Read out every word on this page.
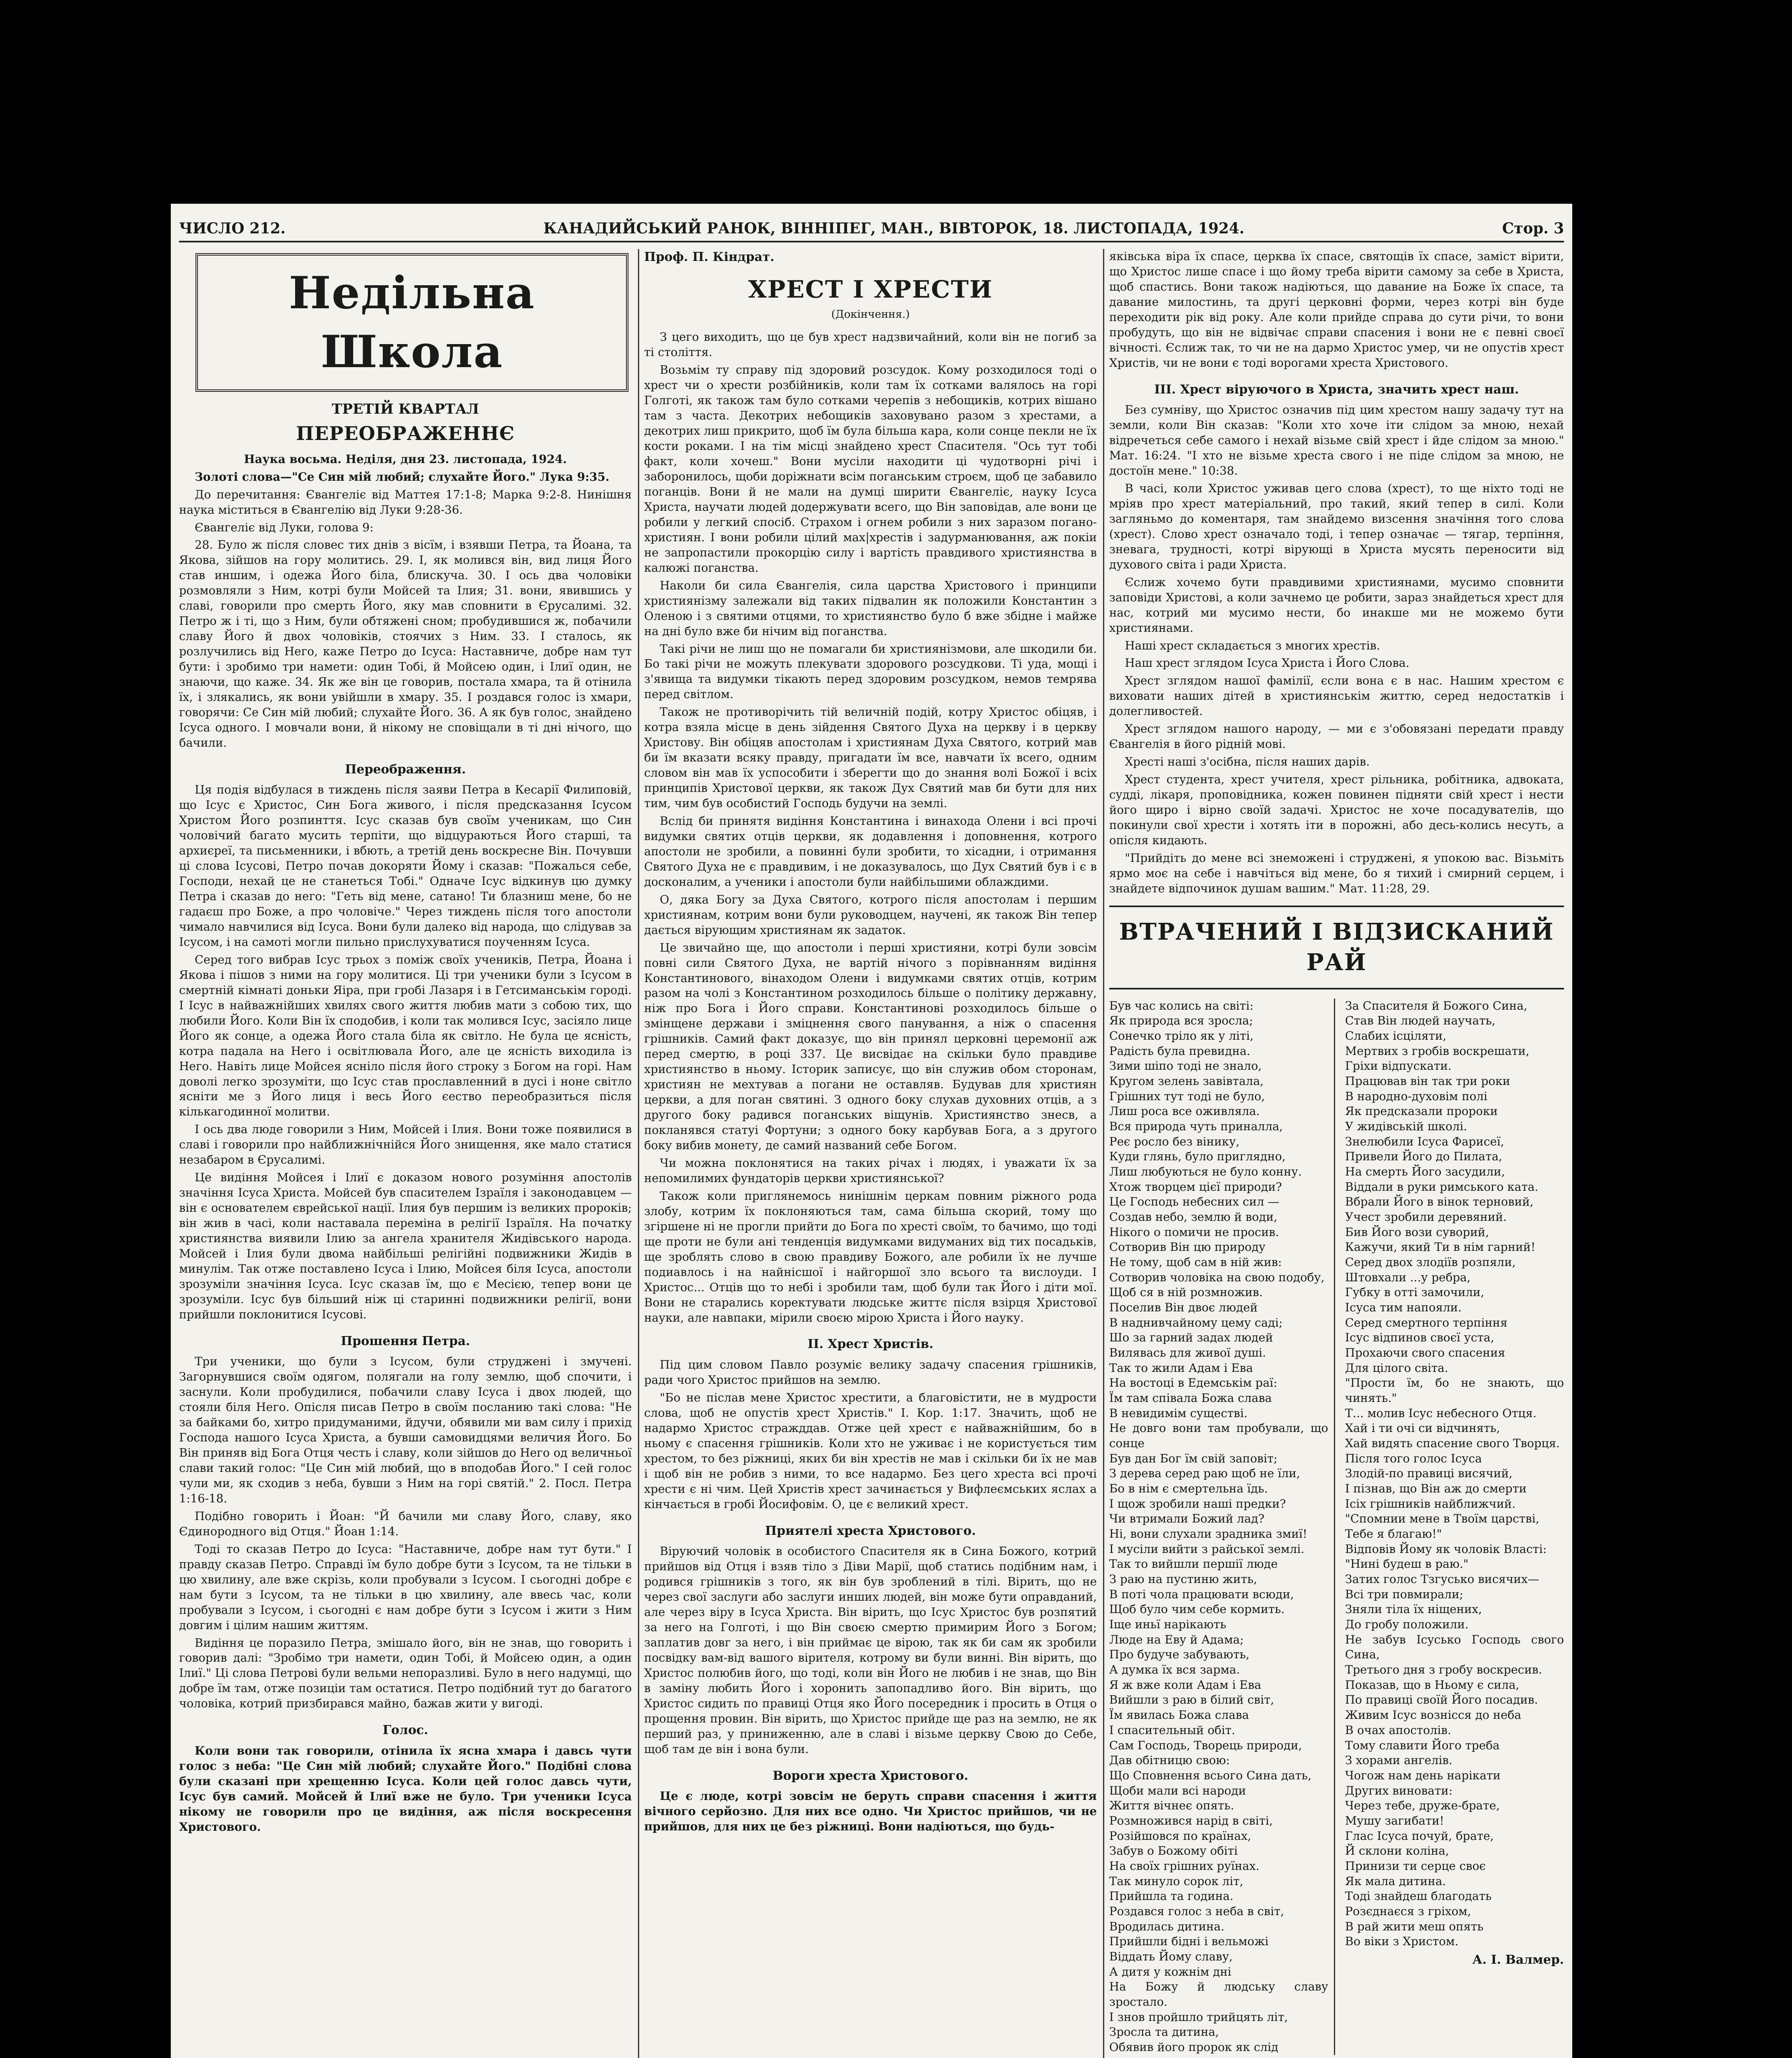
ЧИСЛО 212.	КАНАДИЙСЬКИЙ РАНОК, ВІННІПЕГ, МАН., ВІВТОРОК, 18. ЛИСТОПАДА, 1924.	Стор. 3
Недільна Школа
ТРЕТІЙ КВАРТАЛ
ПЕРЕОБРАЖЕННЄ

Наука восьма. Неділя, дня 23. листопада, 1924.

Золоті слова—"Се Син мій любий; слухайте Його." Лука 9:35.

До перечитання: Євангеліє від Маттея 17:1-8; Марка 9:2-8. Нинішня наука міститься в Євангелію від Луки 9:28-36.

Євангеліє від Луки, голова 9:

28. Було ж після словес тих днів з вісїм, і взявши Петра, та Йоана, та Якова, зійшов на гору молитись. 29. І, як молився він, вид лиця Його став иншим, і одежа Його біла, блискуча. 30. І ось два чоловіки розмовляли з Ним, котрі були Мойсей та Ілия; 31. вони, явившись у славі, говорили про смерть Його, яку мав сповнити в Єрусалимі. 32. Петро ж і ті, що з Ним, були обтяжені сном; пробудившися ж, побачили славу Його й двох чоловіків, стоячих з Ним. 33. І сталось, як розлучились від Него, каже Петро до Ісуса: Наставниче, добре нам тут бути: і зробимо три намети: один Тобі, й Мойсею один, і Ілиї один, не знаючи, що каже. 34. Як же він це говорив, постала хмара, та й отінила їх, і злякались, як вони увійшли в хмару. 35. І роздався голос із хмари, говорячи: Се Син мій любий; слухайте Його. 36. А як був голос, знайдено Ісуса одного. І мовчали вони, й нікому не сповіщали в ті дні нічого, що бачили.

Переображення.

Ця подія відбулася в тиждень після заяви Петра в Кесарії Филиповій, що Ісус є Христос, Син Бога живого, і після предсказання Ісусом Христом Його розпинття. Ісус сказав був своїм ученикам, що Син чоловічий багато мусить терпіти, що відцураються Його старші, та архиєреї, та письменники, і вбють, а третій день воскресне Він. Почувши ці слова Ісусові, Петро почав докоряти Йому і сказав: "Пожалься себе, Господи, нехай це не станеться Тобі." Одначе Ісус відкинув цю думку Петра і сказав до него: "Геть від мене, сатано! Ти блазниш мене, бо не гадаєш про Боже, а про чоловіче." Через тиждень після того апостоли чимало навчилися від Ісуса. Вони були далеко від народа, що слідував за Ісусом, і на самоті могли пильно прислухуватися поученням Ісуса.

Серед того вибрав Ісус трьох з поміж своїх учеників, Петра, Йоана і Якова і пішов з ними на гору молитися. Ці три ученики були з Ісусом в смертній кімнаті доньки Яіра, при гробі Лазаря і в Гетсиманськім городі. І Ісус в найважнійших хвилях свого життя любив мати з собою тих, що любили Його. Коли Він їх сподобив, і коли так молився Ісус, засіяло лице Його як сонце, а одежа Його стала біла як світло. Не була це ясність, котра падала на Него і освітлювала Його, але це ясність виходила із Него. Навіть лице Мойсея ясніло після його строку з Богом на горі. Нам доволі легко зрозуміти, що Ісус став прославленний в дусі і ноне світло ясніти ме з Його лиця і весь Його єество переобразиться після кількагодинної молитви.

І ось два люде говорили з Ним, Мойсей і Ілия. Вони тоже появилися в славі і говорили про найближнічнійся Його знищення, яке мало статися незабаром в Єрусалимі.

Це видіння Мойсея і Ілиї є доказом нового розуміння апостолів значіння Ісуса Христа. Мойсей був спасителем Ізраїля і законодавцем — він є основателем єврейської нації. Ілия був першим із великих пророків; він жив в часі, коли наставала переміна в релігії Ізраїля. На початку християнства виявили Ілию за ангела хранителя Жидівського народа. Мойсей і Ілия були двома найбільші релігійні подвижники Жидів в минулім. Так отже поставлено Ісуса і Ілию, Мойсея біля Ісуса, апостоли зрозуміли значіння Ісуса. Ісус сказав їм, що є Месією, тепер вони це зрозуміли. Ісус був більший ніж ці старинні подвижники релігії, вони прийшли поклонитися Ісусові.

Прошення Петра.

Три ученики, що були з Ісусом, були струджені і змучені. Загорнувшися своїм одягом, полягали на голу землю, щоб спочити, і заснули. Коли пробудилися, побачили славу Ісуса і двох людей, що стояли біля Него. Опісля писав Петро в своїм посланию такі слова: "Не за байками бо, хитро придуманими, йдучи, обявили ми вам силу і прихід Господа нашого Ісуса Христа, а бувши самовидцями величия Його. Бо Він приняв від Бога Отця честь і славу, коли зійшов до Него од величньої слави такий голос: "Це Син мій любий, що в вподобав Його." І сей голос чули ми, як сходив з неба, бувши з Ним на горі святій." 2. Посл. Петра 1:16-18.

Подібно говорить і Йоан: "Й бачили ми славу Його, славу, яко Єдинородного від Отця." Йоан 1:14.

Тоді то сказав Петро до Ісуса: "Наставниче, добре нам тут бути." І правду сказав Петро. Справді їм було добре бути з Ісусом, та не тільки в цю хвилину, але вже скрізь, коли пробували з Ісусом. І сьогодні добре є нам бути з Ісусом, та не тільки в цю хвилину, але ввесь час, коли пробували з Ісусом, і сьогодні є нам добре бути з Ісусом і жити з Ним довгим і цілим нашим життям.

Видіння це поразило Петра, змішало його, він не знав, що говорить і говорив далі: "Зробімо три намети, один Тобі, й Мойсею один, а один Ілиї." Ці слова Петрові були вельми непоразливі. Було в него надумці, що добре їм там, отже позиціи там остатися. Петро подібний тут до багатого чоловіка, котрий призбирався майно, бажав жити у вигоді.

Голос.

Коли вони так говорили, отінила їх ясна хмара і давсь чути голос з неба: "Це Син мій любий; слухайте Його." Подібні слова були сказані при хрещенню Ісуса. Коли цей голос давсь чути, Ісус був самий. Мойсей й Ілиї вже не було. Три ученики Ісуса нікому не говорили про це видіння, аж після воскресення Христового.

Проф. П. Кіндрат.
ХРЕСТ І ХРЕСТИ
(Докінчення.)

З цего виходить, що це був хрест надзвичайний, коли він не погиб за ті століття.

Возьмім ту справу під здоровий розсудок. Кому розходилося тоді о хрест чи о хрести розбійників, коли там їх сотками валялось на горі Голготі, як також там було сотками черепів з небощиків, котрих вішано там з часта. Декотрих небощиків заховувано разом з хрестами, а декотрих лиш прикрито, щоб їм була більша кара, коли сонце пекли не їх кости роками. І на тім місці знайдено хрест Спасителя. "Ось тут тобі факт, коли хочеш." Вони мусіли находити ці чудотворні річі і заборонилось, щоби доріжнати всім поганським строєм, щоб це забавило поганців. Вони й не мали на думці ширити Євангеліє, науку Ісуса Христа, научати людей додержувати всего, що Він заповідав, але вони це робили у легкий спосіб. Страхом і огнем робили з них заразом погано-християн. І вони робили цілий мах|хрестів і задурманювання, аж покіи не запропастили прокорцію силу і вартість правдивого християнства в калюжі поганства.

Наколи би сила Євангелія, сила царства Христового і принципи християнізму залежали від таких підвалин як положили Константин з Оленою і з святими отцями, то християнство було б вже збідне і майже на дні було вже би нічим від поганства.

Такі річи не лиш що не помагали би християнізмови, але шкодили би. Бо такі річи не можуть плекувати здорового розсудкови. Ті уда, мощі і з'явища та видумки тікають перед здоровим розсудком, немов темрява перед світлом.

Також не противорічить тій величній подій, котру Христос обіцяв, і котра взяла місце в день зійдення Святого Духа на церкву і в церкву Христову. Він обіцяв апостолам і християнам Духа Святого, котрий мав би їм вказати всяку правду, пригадати їм все, навчати їх всего, одним словом він мав їх успособити і зберегти що до знання волі Божої і всіх принципів Христової церкви, як також Дух Святий мав би бути для них тим, чим був особистий Господь будучи на землі.

Вслід би принятя видіння Константина і винахода Олени і всі прочі видумки святих отців церкви, як додавлення і доповнення, котрого апостоли не зробили, а повинні були зробити, то хісадни, і отримання Святого Духа не є правдивим, і не доказувалось, що Дух Святий був і є в досконалим, а ученики і апостоли були найбільшими облаждими.

О, дяка Богу за Духа Святого, котрого після апостолам і першим християнам, котрим вони були руководцем, научені, як також Він тепер дається вірующим християнам як задаток.

Це звичайно ще, що апостоли і перші християни, котрі були зовсім повні сили Святого Духа, не вартій нічого з порівнанням видіння Константинового, вінаходом Олени і видумками святих отців, котрим разом на чолі з Константином розходилось більше о політику державну, ніж про Бога і Його справи. Константинові розходилось більше о змінщене держави і зміцнення свого панування, а ніж о спасення грішників. Самий факт доказує, що він принял церковні церемонії аж перед смертю, в році 337. Це висвідає на скільки було правдиве християнство в ньому. Історик записує, що він служив обом сторонам, християн не мехтував а погани не оставляв. Будував для християн церкви, а для поган святині. З одного боку слухав духовних отців, а з другого боку радився поганських віщунів. Християнство знесв, а покланявся статуі Фортуни; з одного боку карбував Бога, а з другого боку вибив монету, де самий названий себе Богом.

Чи можна поклонятися на таких річах і людях, і уважати їх за непомилимих фундаторів церкви християнської?

Також коли приглянемось нинішнім церкам повним ріжного рода злобу, котрим їх поклоняються там, сама більша скорий, тому що згіршене ні не прогли прийти до Бога по хресті своїм, то бачимо, що тоді ще проти не були ані тенденція видумками видуманих від тих посадьків, ще зроблять слово в свою правдиву Божого, але робили їх не лучше подиавлось і на найнісшої і найгоршої зло всього та вислоуди. І Христос... Отців що то небі і зробили там, щоб були так Його і діти мої. Вони не старались коректувати людське життє після взірця Христової науки, але навпаки, мірили своєю мірою Христа і Його науку.

ІІ. Хрест Христів.

Під цим словом Павло розуміє велику задачу спасения грішників, ради чого Христос прийшов на землю.

"Бо не післав мене Христос хрестити, а благовістити, не в мудрости слова, щоб не опустів хрест Христів." І. Кор. 1:17. Значить, щоб не надармо Христос стражддав. Отже цей хрест є найважнійшим, бо в ньому є спасення грішників. Коли хто не уживає і не користується тим хрестом, то без ріжниці, яких би він хрестів не мав і скільки би їх не мав і щоб він не робив з ними, то все надармо. Без цего хреста всі прочі хрести є ні чим. Цей Христів хрест зачинається у Вифлеємських яслах а кінчається в гробі Йосифовім. О, це є великий хрест.

Приятелі хреста Христового.

Віруючий чоловік в особистого Спасителя як в Сина Божого, котрий прийшов від Отця і взяв тіло з Діви Марії, щоб статись подібним нам, і родився грішників з того, як він був зроблений в тілі. Вірить, що не через свої заслуги або заслуги инших людей, він може бути оправданий, але через віру в Ісуса Христа. Він вірить, що Ісус Христос був розпятий за него на Голготі, і що Він своєю смертю примирим Його з Богом; заплатив довг за него, і він приймає це вірою, так як би сам як зробили посвідку вам-від вашого вірителя, котрому ви були винні. Він вірить, що Христос полюбив його, що тоді, коли він Його не любив і не знав, що Він в заміну любить Його і хоронить запопадливо його. Він вірить, що Христос сидить по правиці Отця яко Його посередник і просить в Отця о прощення провин. Він вірить, що Христос прийде ще раз на землю, не як перший раз, у приниженню, але в славі і візьме церкву Свою до Себе, щоб там де він і вона були.

Вороги хреста Христового.

Це є люде, котрі зовсім не беруть справи спасення і життя вічного серйозно. Для них все одно. Чи Христос прийшов, чи не прийшов, для них це без ріжниці. Вони надіються, що будь-

яківська віра їх спасе, церква їх спасе, святощів їх спасе, заміст вірити, що Христос лише спасе і що йому треба вірити самому за себе в Христа, щоб спастись. Вони також надіються, що давание на Боже їх спасе, та давание милостинь, та другі церковні форми, через котрі він буде переходити рік від року. Але коли прийде справа до сути річи, то вони пробудуть, що він не відвічає справи спасения і вони не є певні своєї вічності. Єслиж так, то чи не на дармо Христос умер, чи не опустів хрест Христів, чи не вони є тоді ворогами хреста Христового.

ІІІ. Хрест віруючого в Христа, значить хрест наш.

Без сумніву, що Христос означив під цим хрестом нашу задачу тут на земли, коли Він сказав: "Коли хто хоче іти слідом за мною, нехай відречеться себе самого і нехай візьме свій хрест і йде слідом за мною." Мат. 16:24. "І хто не візьме хреста свого і не піде слідом за мною, не достоїн мене." 10:38.

В часі, коли Христос уживав цего слова (хрест), то ще ніхто тоді не мріяв про хрест матеріальний, про такий, який тепер в силі. Коли загляньмо до коментаря, там знайдемо визсення значіння того слова (хрест). Слово хрест означало тоді, і тепер означає — тягар, терпіння, зневага, трудності, котрі вірующі в Христа мусять переносити від духового світа і ради Христа.

Єслиж хочемо бути правдивими християнами, мусимо сповнити заповіди Христові, а коли зачнемо це робити, зараз знайдеться хрест для нас, котрий ми мусимо нести, бо инакше ми не можемо бути християнами.

Наші хрест складається з многих хрестів.

Наш хрест зглядом Ісуса Христа і Його Слова.

Хрест зглядом нашої фамілії, єсли вона є в нас. Нашим хрестом є виховати наших дітей в християнськім життю, серед недостатків і долегливостей.

Хрест зглядом нашого народу, — ми є з'обовязані передати правду Євангелія в його рідній мові.

Хресті наші з'осібна, після наших дарів.

Хрест студента, хрест учителя, хрест рільника, робітника, адвоката, судді, лікаря, проповідника, кожен повинен підняти свій хрест і нести його щиро і вірно своїй задачі. Христос не хоче посадувателів, що покинули свої хрести і хотять іти в порожні, або десь-колись несуть, а опісля кидають.

"Прийдіть до мене всі знеможені і струджені, я упокою вас. Візьміть ярмо моє на себе і навчіться від мене, бо я тихий і смирний серцем, і знайдете відпочинок душам вашим." Мат. 11:28, 29.

ВТРАЧЕНИЙ І ВІДЗИСКАНИЙ РАЙ
Був час колись на світі:
Як природа вся зросла;
Сонечко тріло як у літі,
Радість була превидна.
Зими шіпо тоді не знало,
Кругом зелень завівтала,
Грішних тут тоді не було,
Лиш роса все оживляла.
Вся природа чуть приналла,
Реє росло без вінику,
Куди глянь, було приглядно,
Лиш любуються не було конну.
Хтож творцем цієї природи?
Це Господь небесних сил —
Создав небо, землю й води,
Нікого о помичи не просив.
Сотворив Він цю природу
Не тому, щоб сам в ній жив:
Сотворив чоловіка на свою подобу,
Щоб ся в ній розмножив.
Поселив Він двоє людей
В наднивчайному цему саді;
Шо за гарний задах людей
Вилявась для живої душі.
Так то жили Адам і Ева
На востоці в Едемськім раї:
Їм там співала Божа слава
В невидимім существі.
Не довго вони там пробували, що сонце
Був дан Бог їм свій заповіт;
З дерева серед раю щоб не їли,
Бо в нім є смертельна їдь.
І щож зробили наші предки?
Чи втримали Божий лад?
Ні, вони слухали зрадника змиї!
І мусіли вийти з райської землі.
Так то вийшли першії люде
З раю на пустиню жить,
В поті чола працювати всюди,
Щоб було чим себе кормить.
Іще иньї нарікають
Люде на Еву й Адама;
Про будуче забувають,
А думка їх вся зарма.
Я ж вже коли Адам і Ева
Вийшли з раю в білий світ,
Їм явилась Божа слава
І спасительный обіт.
Сам Господь, Творець природи,
Дав обітницю свою:
Що Сповнення всього Сина дать,
Щоби мали всі народи
Життя вічнеє опять.
Розмножився нарід в світі,
Розійшовся по країнах,
Забув о Божому обіті
На своїх грішних руїнах.
Так минуло сорок літ,
Прийшла та година.
Роздався голос з неба в світ,
Вродилась дитина.
Прийшли бідні і вельможі
Віддать Йому славу,
А дитя у кожнім дні
На Божу й людську славу зростало.
І знов пройшло трийцять літ,
Зросла та дитина,
Обявив його пророк як слід
За Спасителя й Божого Сина,
Став Він людей научать,
Слабих ісціляти,
Мертвих з гробів воскрешати,
Гріхи відпускати.
Працював він так три роки
В народно-духовім полі
Як предсказали пророки
У жидівській школі.
Знелюбили Ісуса Фарисеї,
Привели Його до Пилата,
На смерть Його засудили,
Віддали в руки римського ката.
Вбрали Його в вінок терновий,
Учест зробили деревяний.
Бив Його вози суворий,
Кажучи, який Ти в нім гарний!
Серед двох злодіїв розпяли,
Штовхали ...у ребра,
Губку в отті замочили,
Ісуса тим напояли.
Серед смертного терпіння
Ісус відпинов своєї уста,
Прохаючи свого спасения
Для цілого світа.
"Прости їм, бо не знають, що чинять."
Т... молив Ісус небесного Отця.
Хай і ти очі си відчинять,
Хай видять спасение свого Творця.
Після того голос Ісуса
Злодій-по правиці висячий,
І пізнав, що Він аж до смерти
Ісіх грішників найближчий.
"Спомнии мене в Твоїм царстві,
Тебе я благаю!"
Відповів Йому як чоловік Власті:
"Нині будеш в раю."
Затих голос Тзгусько висячих—
Всі три повмирали;
Зняли тіла їх ніщених,
До гробу положили.
Не забув Ісусько Господь свого Сина,
Третього дня з гробу воскресив.
Показав, що в Ньому є сила,
По правиці своїй Його посадив.
Живим Ісус вознісся до неба
В очах апостолів.
Тому славити Його треба
З хорами ангелів.
Чогож нам день нарікати
Других виновати:
Через тебе, друже-брате,
Мушу загибати!
Глас Ісуса почуй, брате,
Й склони коліна,
Принизи ти серце своє
Як мала дитина.
Тоді знайдеш благодать
Розєднаєся з гріхом,
В рай жити меш опять
Во віки з Христом.
А. І. Валмер.
